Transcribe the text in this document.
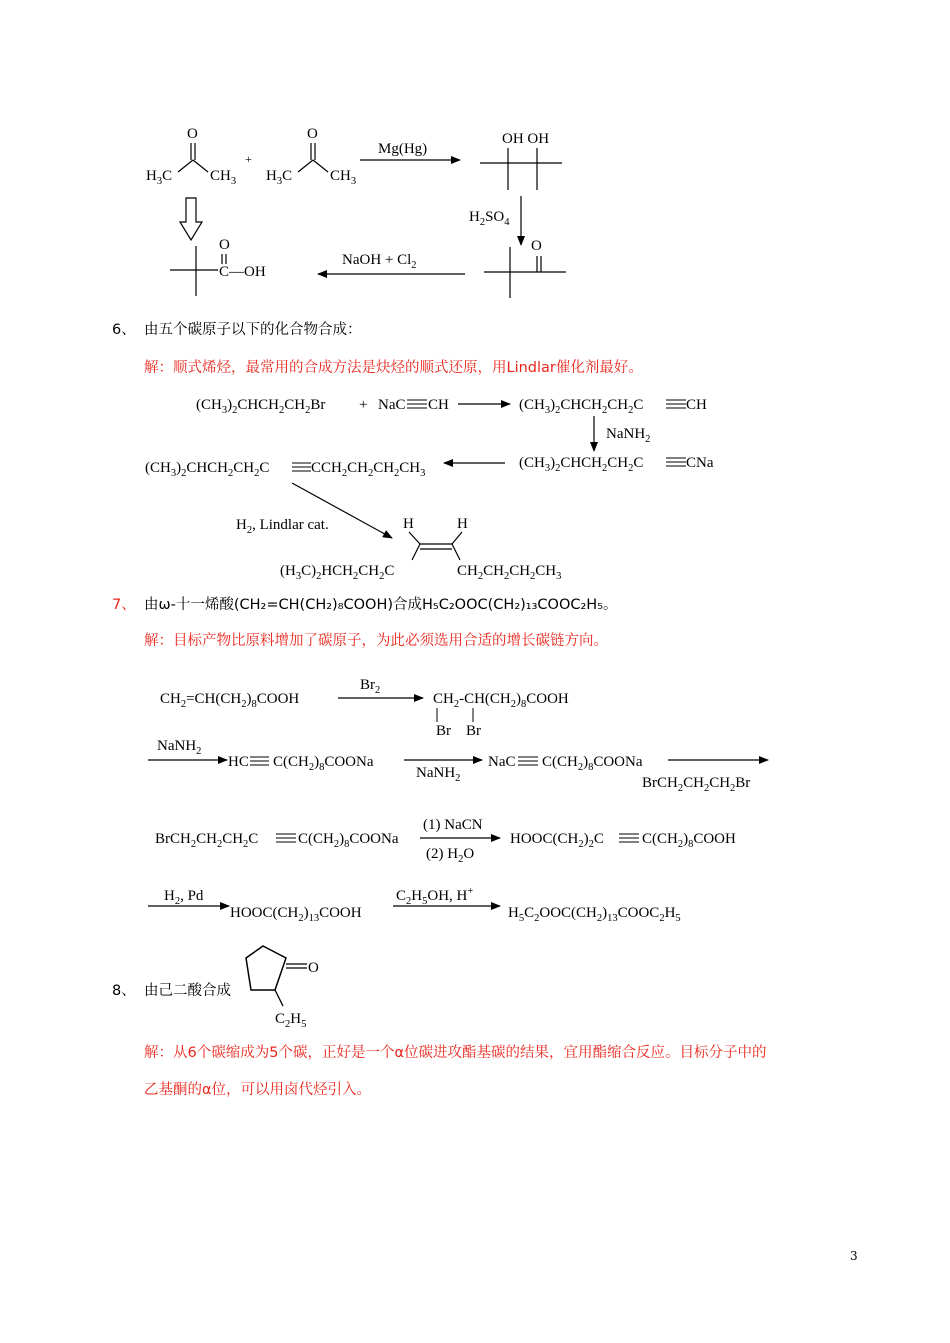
6、 由五个碳原子以下的化合物合成：
解：顺式烯烃，最常用的合成方法是炔烃的顺式还原，用Lindlar催化剂最好。
7、 由ω-十一烯酸(CH₂=CH(CH₂)₈COOH)合成H₅C₂OOC(CH₂)₁₃COOC₂H₅。
解：目标产物比原料增加了碳原子，为此必须选用合适的增长碳链方向。
8、 由己二酸合成
解：从6个碳缩成为5个碳，正好是一个α位碳进攻酯基碳的结果，宜用酯缩合反应。目标分子中的
乙基酮的α位，可以用卤代烃引入。
3
O
$H_3C$	$CH_3$
+
O
$H_3C$	$CH_3$
Mg(Hg)
OH OH
$H_2SO_4$
O
NaOH + $Cl_2$
O
C—OH
$(CH_3)_2CHCH_2CH_2Br$ + NaC CH	$(CH_3)_2CHCH_2CH_2C$	CH
NaNH$_2$
$(CH_3)_2CHCH_2CH_2C$	CNa
$(CH_3)_2CHCH_2CH_2C$	$CCH_2CH_2CH_2CH_3$
$H_2$, Lindlar cat.	H	H
$(H_3C)_2HCH_2CH_2C$	$CH_2CH_2CH_2CH_3$
$CH_2=CH(CH_2)_8COOH$
$Br_2$
$CH_2-CH(CH_2)_8COOH$
Br Br
NaNH$_2$
HC $C(CH_2)_8COONa$
NaNH$_2$
NaC $C(CH_2)_8COONa$
$BrCH_2CH_2CH_2Br$
$BrCH_2CH_2CH_2C$	$C(CH_2)_8COONa$
(1) NaCN
(2) $H_2O$
$HOOC(CH_2)_2C$	$C(CH_2)_8COOH$
$H_2$, Pd
$HOOC(CH_2)_{13}COOH$
$C_2H_5OH$, H+
$H_5C_2OOC(CH_2)_{13}COOC_2H_5$
O
$C_2H_5$
